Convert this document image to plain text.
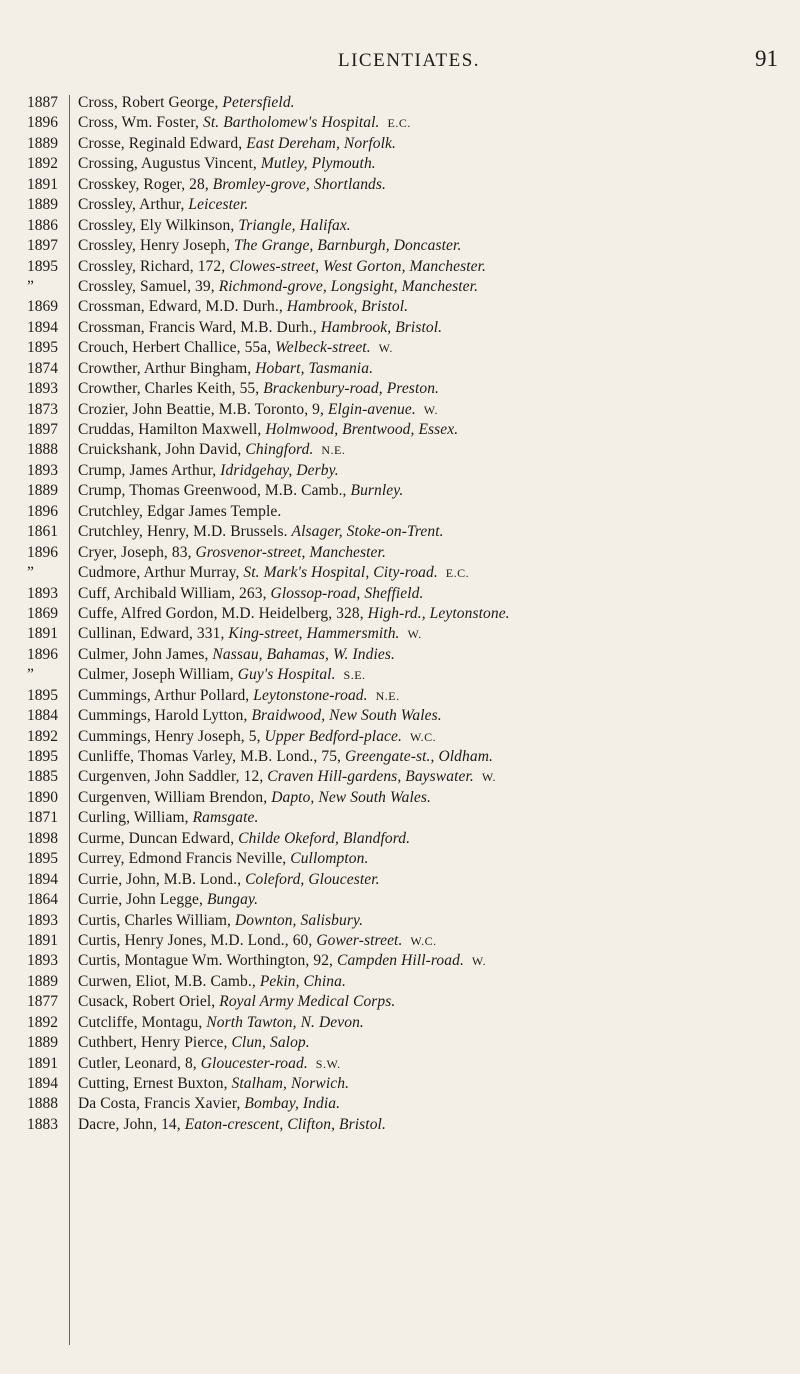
LICENTIATES.	91
1887	Cross, Robert George, Petersfield.
1896	Cross, Wm. Foster, St. Bartholomew's Hospital. E.C.
1889	Crosse, Reginald Edward, East Dereham, Norfolk.
1892	Crossing, Augustus Vincent, Mutley, Plymouth.
1891	Crosskey, Roger, 28, Bromley-grove, Shortlands.
1889	Crossley, Arthur, Leicester.
1886	Crossley, Ely Wilkinson, Triangle, Halifax.
1897	Crossley, Henry Joseph, The Grange, Barnburgh, Doncaster.
1895	Crossley, Richard, 172, Clowes-street, West Gorton, Manchester.
”	Crossley, Samuel, 39, Richmond-grove, Longsight, Manchester.
1869	Crossman, Edward, M.D. Durh., Hambrook, Bristol.
1894	Crossman, Francis Ward, M.B. Durh., Hambrook, Bristol.
1895	Crouch, Herbert Challice, 55a, Welbeck-street. W.
1874	Crowther, Arthur Bingham, Hobart, Tasmania.
1893	Crowther, Charles Keith, 55, Brackenbury-road, Preston.
1873	Crozier, John Beattie, M.B. Toronto, 9, Elgin-avenue. W.
1897	Cruddas, Hamilton Maxwell, Holmwood, Brentwood, Essex.
1888	Cruickshank, John David, Chingford. N.E.
1893	Crump, James Arthur, Idridgehay, Derby.
1889	Crump, Thomas Greenwood, M.B. Camb., Burnley.
1896	Crutchley, Edgar James Temple.
1861	Crutchley, Henry, M.D. Brussels. Alsager, Stoke-on-Trent.
1896	Cryer, Joseph, 83, Grosvenor-street, Manchester.
”	Cudmore, Arthur Murray, St. Mark's Hospital, City-road. E.C.
1893	Cuff, Archibald William, 263, Glossop-road, Sheffield.
1869	Cuffe, Alfred Gordon, M.D. Heidelberg, 328, High-rd., Leytonstone.
1891	Cullinan, Edward, 331, King-street, Hammersmith. W.
1896	Culmer, John James, Nassau, Bahamas, W. Indies.
”	Culmer, Joseph William, Guy's Hospital. S.E.
1895	Cummings, Arthur Pollard, Leytonstone-road. N.E.
1884	Cummings, Harold Lytton, Braidwood, New South Wales.
1892	Cummings, Henry Joseph, 5, Upper Bedford-place. W.C.
1895	Cunliffe, Thomas Varley, M.B. Lond., 75, Greengate-st., Oldham.
1885	Curgenven, John Saddler, 12, Craven Hill-gardens, Bayswater. W.
1890	Curgenven, William Brendon, Dapto, New South Wales.
1871	Curling, William, Ramsgate.
1898	Curme, Duncan Edward, Childe Okeford, Blandford.
1895	Currey, Edmond Francis Neville, Cullompton.
1894	Currie, John, M.B. Lond., Coleford, Gloucester.
1864	Currie, John Legge, Bungay.
1893	Curtis, Charles William, Downton, Salisbury.
1891	Curtis, Henry Jones, M.D. Lond., 60, Gower-street. W.C.
1893	Curtis, Montague Wm. Worthington, 92, Campden Hill-road. W.
1889	Curwen, Eliot, M.B. Camb., Pekin, China.
1877	Cusack, Robert Oriel, Royal Army Medical Corps.
1892	Cutcliffe, Montagu, North Tawton, N. Devon.
1889	Cuthbert, Henry Pierce, Clun, Salop.
1891	Cutler, Leonard, 8, Gloucester-road. S.W.
1894	Cutting, Ernest Buxton, Stalham, Norwich.
1888	Da Costa, Francis Xavier, Bombay, India.
1883	Dacre, John, 14, Eaton-crescent, Clifton, Bristol.
